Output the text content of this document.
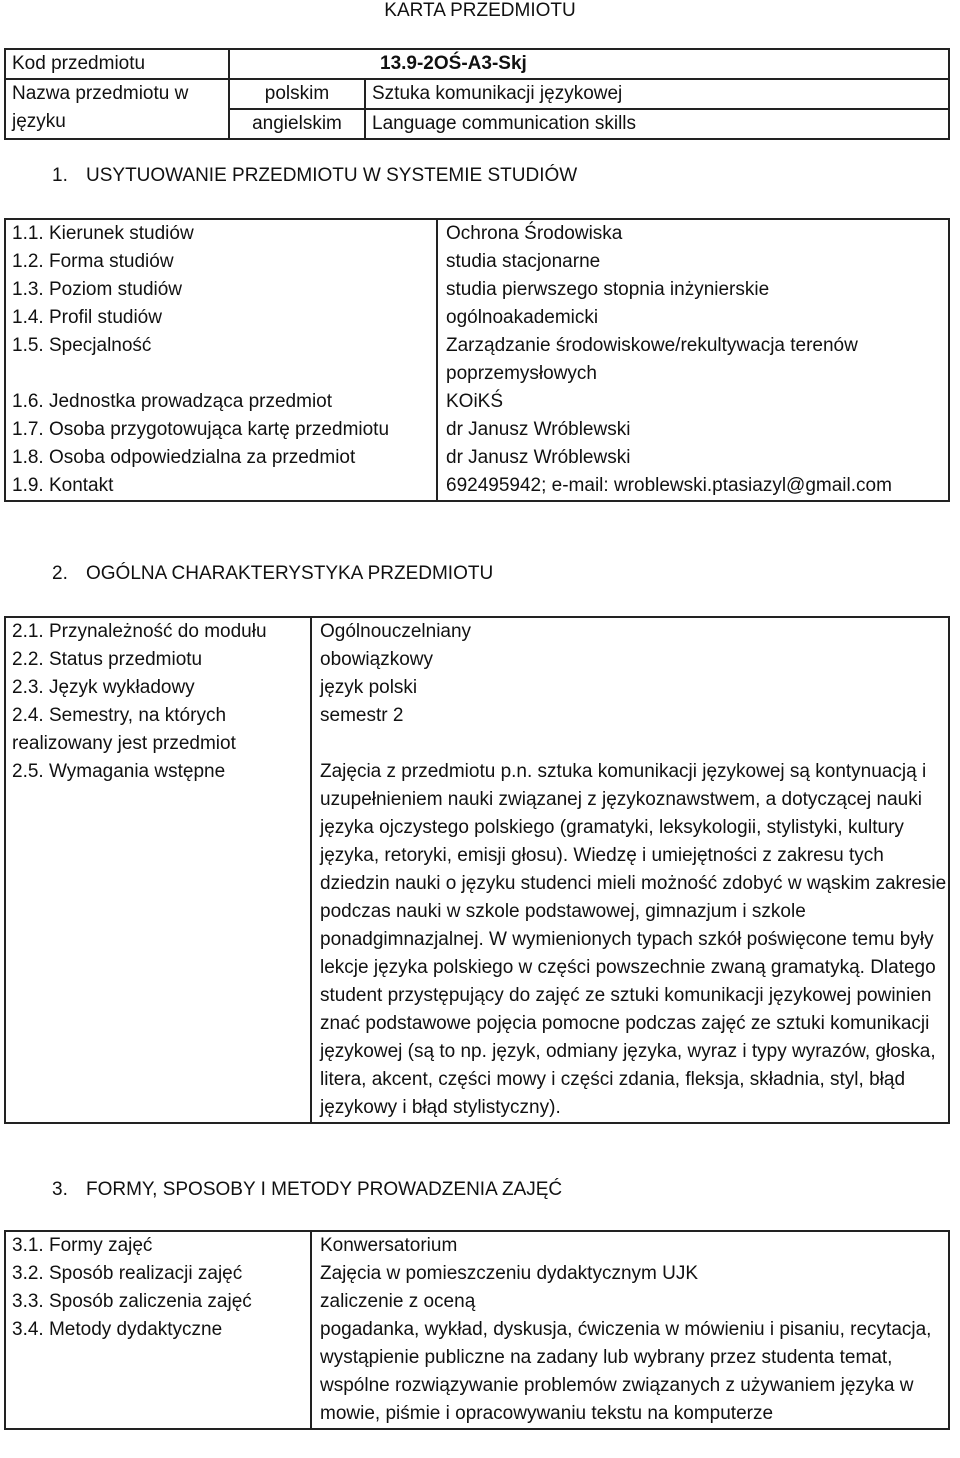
KARTA PRZEDMIOTU
Kod przedmiotu	13.9-2OŚ-A3-Skj	
Nazwa przedmiotu w
języku	polskim	Sztuka komunikacji językowej
	angielskim	Language communication skills
1. USYTUOWANIE PRZEDMIOTU W SYSTEMIE STUDIÓW
1.1. Kierunek studiów	Ochrona Środowiska
1.2. Forma studiów	studia stacjonarne
1.3. Poziom studiów	studia pierwszego stopnia inżynierskie
1.4. Profil studiów	ogólnoakademicki
1.5. Specjalność	Zarządzanie środowiskowe/rekultywacja terenów poprzemysłowych
1.6. Jednostka prowadząca przedmiot	KOiKŚ
1.7. Osoba przygotowująca kartę przedmiotu	dr Janusz Wróblewski
1.8. Osoba odpowiedzialna za przedmiot	dr Janusz Wróblewski
1.9. Kontakt	692495942; e-mail: wroblewski.ptasiazyl@gmail.com
2. OGÓLNA CHARAKTERYSTYKA PRZEDMIOTU
2.1. Przynależność do modułu	Ogólnouczelniany
2.2. Status przedmiotu	obowiązkowy
2.3. Język wykładowy	język polski
2.4. Semestry, na których realizowany jest przedmiot	semestr 2
2.5. Wymagania wstępne	Zajęcia z przedmiotu p.n. sztuka komunikacji językowej są kontynuacją i uzupełnieniem nauki związanej z językoznawstwem, a dotyczącej nauki języka ojczystego polskiego (gramatyki, leksykologii, stylistyki, kultury języka, retoryki, emisji głosu). Wiedzę i umiejętności z zakresu tych dziedzin nauki o języku studenci mieli możność zdobyć w wąskim zakresie podczas nauki w szkole podstawowej, gimnazjum i szkole ponadgimnazjalnej. W wymienionych typach szkół poświęcone temu były lekcje języka polskiego w części powszechnie zwaną gramatyką. Dlatego student przystępujący do zajęć ze sztuki komunikacji językowej powinien znać podstawowe pojęcia pomocne podczas zajęć ze sztuki komunikacji językowej (są to np. język, odmiany języka, wyraz i typy wyrazów, głoska, litera, akcent, części mowy i części zdania, fleksja, składnia, styl, błąd językowy i błąd stylistyczny).
3. FORMY, SPOSOBY I METODY PROWADZENIA ZAJĘĆ
3.1. Formy zajęć	Konwersatorium
3.2. Sposób realizacji zajęć	Zajęcia w pomieszczeniu dydaktycznym UJK
3.3. Sposób zaliczenia zajęć	zaliczenie z oceną
3.4. Metody dydaktyczne	pogadanka, wykład, dyskusja, ćwiczenia w mówieniu i pisaniu, recytacja, wystąpienie publiczne na zadany lub wybrany przez studenta temat, wspólne rozwiązywanie problemów związanych z używaniem języka w mowie, piśmie i opracowywaniu tekstu na komputerze
